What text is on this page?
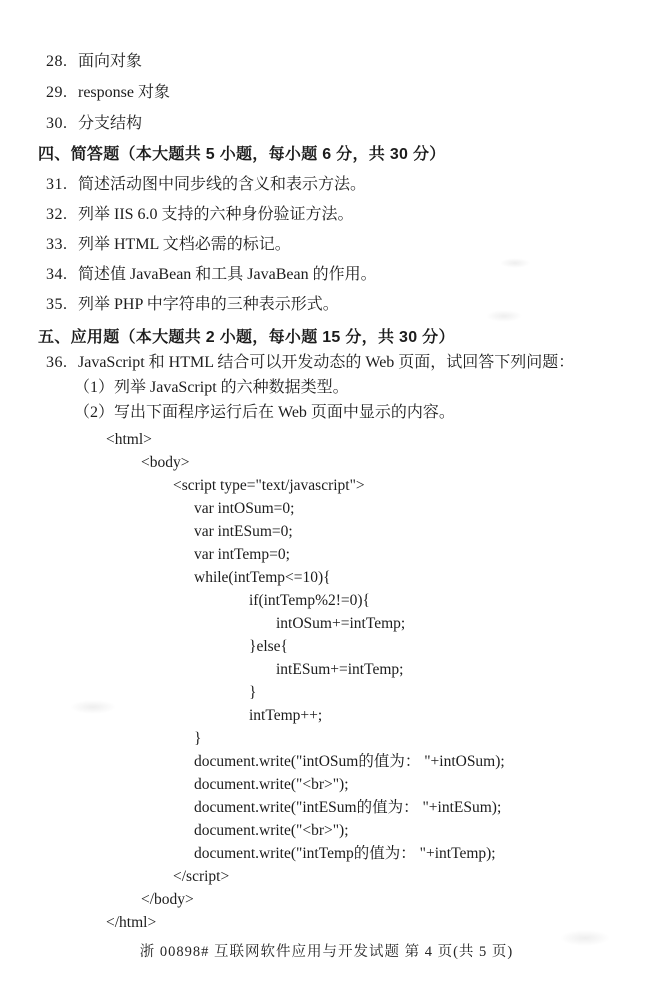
28. 面向对象
29. response 对象
30. 分支结构
四、简答题（本大题共 5 小题，每小题 6 分，共 30 分）
31. 简述活动图中同步线的含义和表示方法。
32. 列举 IIS 6.0 支持的六种身份验证方法。
33. 列举 HTML 文档必需的标记。
34. 简述值 JavaBean 和工具 JavaBean 的作用。
35. 列举 PHP 中字符串的三种表示形式。
五、应用题（本大题共 2 小题，每小题 15 分，共 30 分）
36. JavaScript 和 HTML 结合可以开发动态的 Web 页面，试回答下列问题：
（1）列举 JavaScript 的六种数据类型。
（2）写出下面程序运行后在 Web 页面中显示的内容。
<html>
<body>
<script type="text/javascript">
var intOSum=0;
var intESum=0;
var intTemp=0;
while(intTemp<=10){
if(intTemp%2!=0){
intOSum+=intTemp;
}else{
intESum+=intTemp;
}
intTemp++;
}
document.write("intOSum的值为： "+intOSum);
document.write("<br>");
document.write("intESum的值为： "+intESum);
document.write("<br>");
document.write("intTemp的值为： "+intTemp);
</script>
</body>
</html>
浙 00898# 互联网软件应用与开发试题 第 4 页(共 5 页)
